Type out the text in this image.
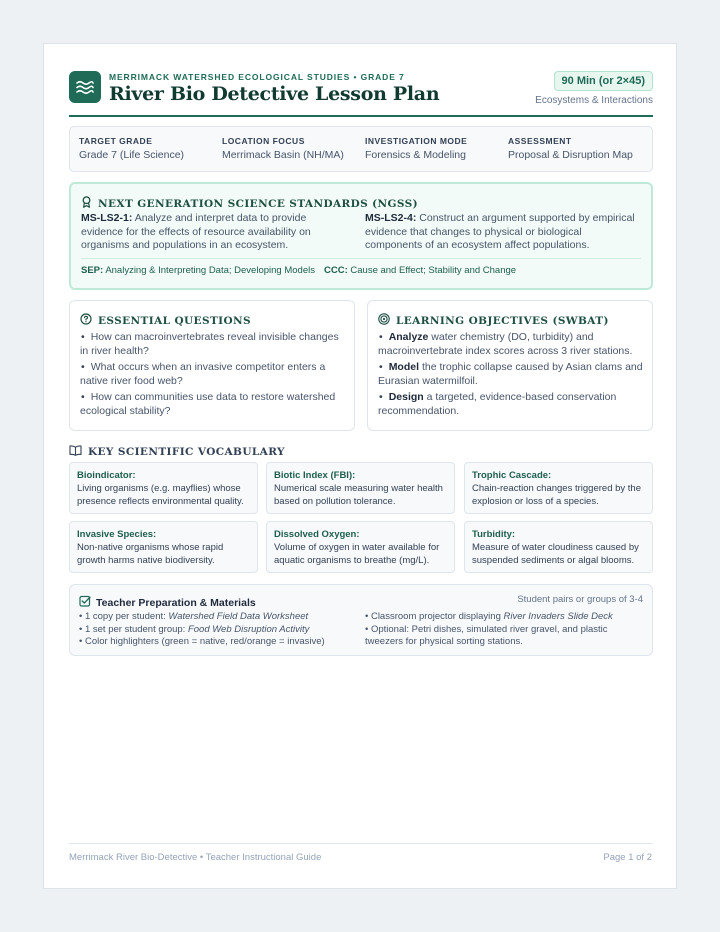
MERRIMACK WATERSHED ECOLOGICAL STUDIES • GRADE 7
River Bio Detective Lesson Plan
90 Min (or 2×45)
Ecosystems & Interactions
TARGET GRADE
Grade 7 (Life Science)
LOCATION FOCUS
Merrimack Basin (NH/MA)
INVESTIGATION MODE
Forensics & Modeling
ASSESSMENT
Proposal & Disruption Map
NEXT GENERATION SCIENCE STANDARDS (NGSS)
MS-LS2-1: Analyze and interpret data to provide evidence for the effects of resource availability on organisms and populations in an ecosystem.
MS-LS2-4: Construct an argument supported by empirical evidence that changes to physical or biological components of an ecosystem affect populations.
SEP: Analyzing & Interpreting Data; Developing Models CCC: Cause and Effect; Stability and Change
ESSENTIAL QUESTIONS
• How can macroinvertebrates reveal invisible changes in river health?
• What occurs when an invasive competitor enters a native river food web?
• How can communities use data to restore watershed ecological stability?
LEARNING OBJECTIVES (SWBAT)
• Analyze water chemistry (DO, turbidity) and macroinvertebrate index scores across 3 river stations.
• Model the trophic collapse caused by Asian clams and Eurasian watermilfoil.
• Design a targeted, evidence-based conservation recommendation.
KEY SCIENTIFIC VOCABULARY
Bioindicator:
Living organisms (e.g. mayflies) whose presence reflects environmental quality.
Biotic Index (FBI):
Numerical scale measuring water health based on pollution tolerance.
Trophic Cascade:
Chain-reaction changes triggered by the explosion or loss of a species.
Invasive Species:
Non-native organisms whose rapid growth harms native biodiversity.
Dissolved Oxygen:
Volume of oxygen in water available for aquatic organisms to breathe (mg/L).
Turbidity:
Measure of water cloudiness caused by suspended sediments or algal blooms.
Teacher Preparation & Materials	Student pairs or groups of 3-4
• 1 copy per student: Watershed Field Data Worksheet
• 1 set per student group: Food Web Disruption Activity
• Color highlighters (green = native, red/orange = invasive)
• Classroom projector displaying River Invaders Slide Deck
• Optional: Petri dishes, simulated river gravel, and plastic
tweezers for physical sorting stations.
Merrimack River Bio-Detective • Teacher Instructional Guide	Page 1 of 2
